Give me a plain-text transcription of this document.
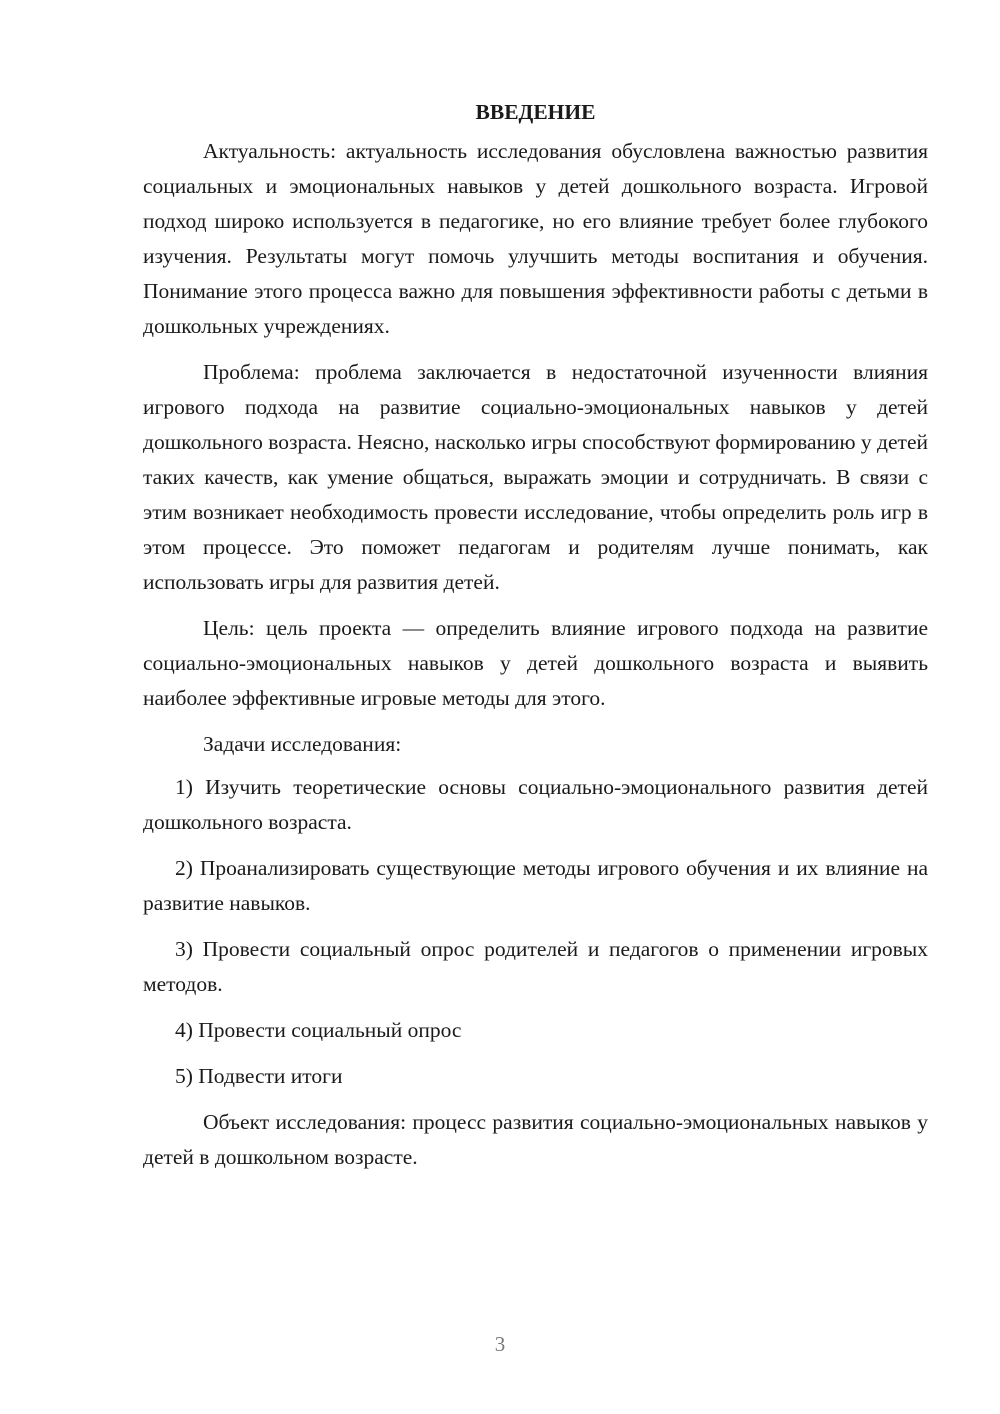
ВВЕДЕНИЕ

Актуальность: актуальность исследования обусловлена важностью развития социальных и эмоциональных навыков у детей дошкольного возраста. Игровой подход широко используется в педагогике, но его влияние требует более глубокого изучения. Результаты могут помочь улучшить методы воспитания и обучения. Понимание этого процесса важно для повышения эффективности работы с детьми в дошкольных учреждениях.

Проблема: проблема заключается в недостаточной изученности влияния игрового подхода на развитие социально-эмоциональных навыков у детей дошкольного возраста. Неясно, насколько игры способствуют формированию у детей таких качеств, как умение общаться, выражать эмоции и сотрудничать. В связи с этим возникает необходимость провести исследование, чтобы определить роль игр в этом процессе. Это поможет педагогам и родителям лучше понимать, как использовать игры для развития детей.

Цель: цель проекта — определить влияние игрового подхода на развитие социально-эмоциональных навыков у детей дошкольного возраста и выявить наиболее эффективные игровые методы для этого.

Задачи исследования:

1) Изучить теоретические основы социально-эмоционального развития детей дошкольного возраста.

2) Проанализировать существующие методы игрового обучения и их влияние на развитие навыков.

3) Провести социальный опрос родителей и педагогов о применении игровых методов.

4) Провести социальный опрос

5) Подвести итоги

Объект исследования: процесс развития социально-эмоциональных навыков у детей в дошкольном возрасте.

3
